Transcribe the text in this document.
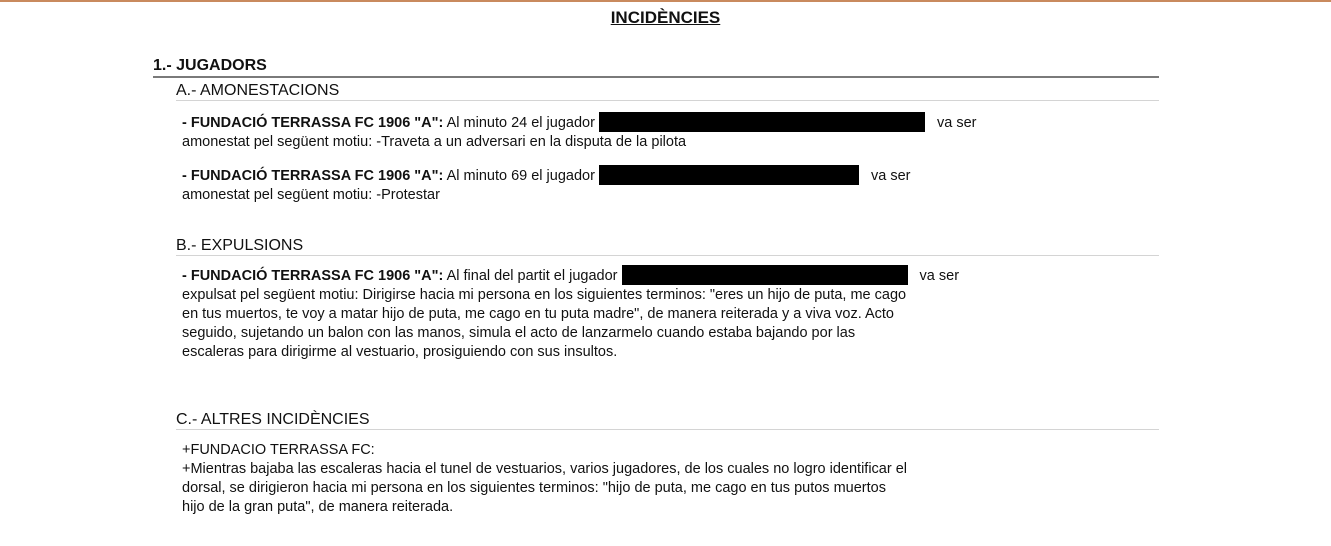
INCIDÈNCIES
1.- JUGADORS
A.- AMONESTACIONS
- FUNDACIÓ TERRASSA FC 1906 "A": Al minuto 24 el jugador	va ser
amonestat pel següent motiu: -Traveta a un adversari en la disputa de la pilota
- FUNDACIÓ TERRASSA FC 1906 "A": Al minuto 69 el jugador	va ser
amonestat pel següent motiu: -Protestar
B.- EXPULSIONS
- FUNDACIÓ TERRASSA FC 1906 "A": Al final del partit el jugador	va ser
expulsat pel següent motiu: Dirigirse hacia mi persona en los siguientes terminos: "eres un hijo de puta, me cago
en tus muertos, te voy a matar hijo de puta, me cago en tu puta madre", de manera reiterada y a viva voz. Acto
seguido, sujetando un balon con las manos, simula el acto de lanzarmelo cuando estaba bajando por las
escaleras para dirigirme al vestuario, prosiguiendo con sus insultos.
C.- ALTRES INCIDÈNCIES
+FUNDACIO TERRASSA FC:
+Mientras bajaba las escaleras hacia el tunel de vestuarios, varios jugadores, de los cuales no logro identificar el
dorsal, se dirigieron hacia mi persona en los siguientes terminos: "hijo de puta, me cago en tus putos muertos
hijo de la gran puta", de manera reiterada.
